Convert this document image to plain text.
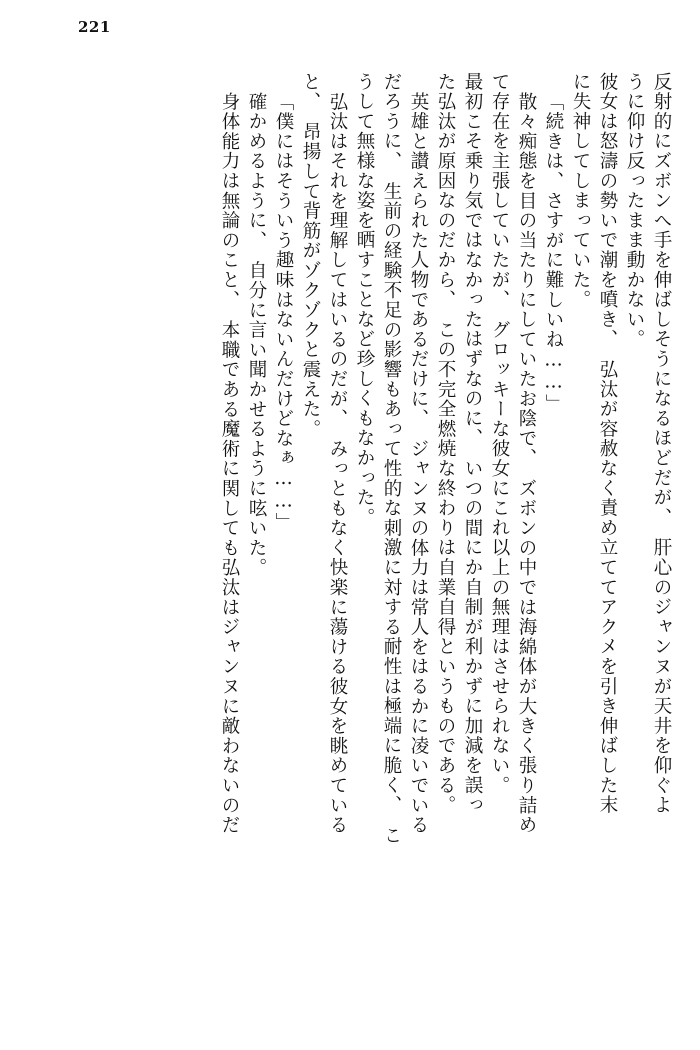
221
反射的にズボンへ手を伸ばしそうになるほどだが、　肝心のジャンヌが天井を仰ぐよ
うに仰け反ったまま動かない。
彼女は怒濤の勢いで潮を噴き、　弘汰が容赦なく責め立ててアクメを引き伸ばした末
に失神してしまっていた。
「続きは、さすがに難しいね……」
散々痴態を目の当たりにしていたお陰で、　ズボンの中では海綿体が大きく張り詰め
て存在を主張していたが、　グロッキーな彼女にこれ以上の無理はさせられない。
最初こそ乗り気ではなかったはずなのに、　いつの間にか自制が利かずに加減を誤っ
た弘汰が原因なのだから、　この不完全燃焼な終わりは自業自得というものである。
英雄と讃えられた人物であるだけに、　ジャンヌの体力は常人をはるかに凌いでいる
だろうに、　生前の経験不足の影響もあって性的な刺激に対する耐性は極端に脆く、　こ
うして無様な姿を晒すことなど珍しくもなかった。
弘汰はそれを理解してはいるのだが、　みっともなく快楽に蕩ける彼女を眺めている
と、　昂揚して背筋がゾクゾクと震えた。
「僕にはそういう趣味はないんだけどなぁ……」
確かめるように、　自分に言い聞かせるように呟いた。
身体能力は無論のこと、　本職である魔術に関しても弘汰はジャンヌに敵わないのだ
